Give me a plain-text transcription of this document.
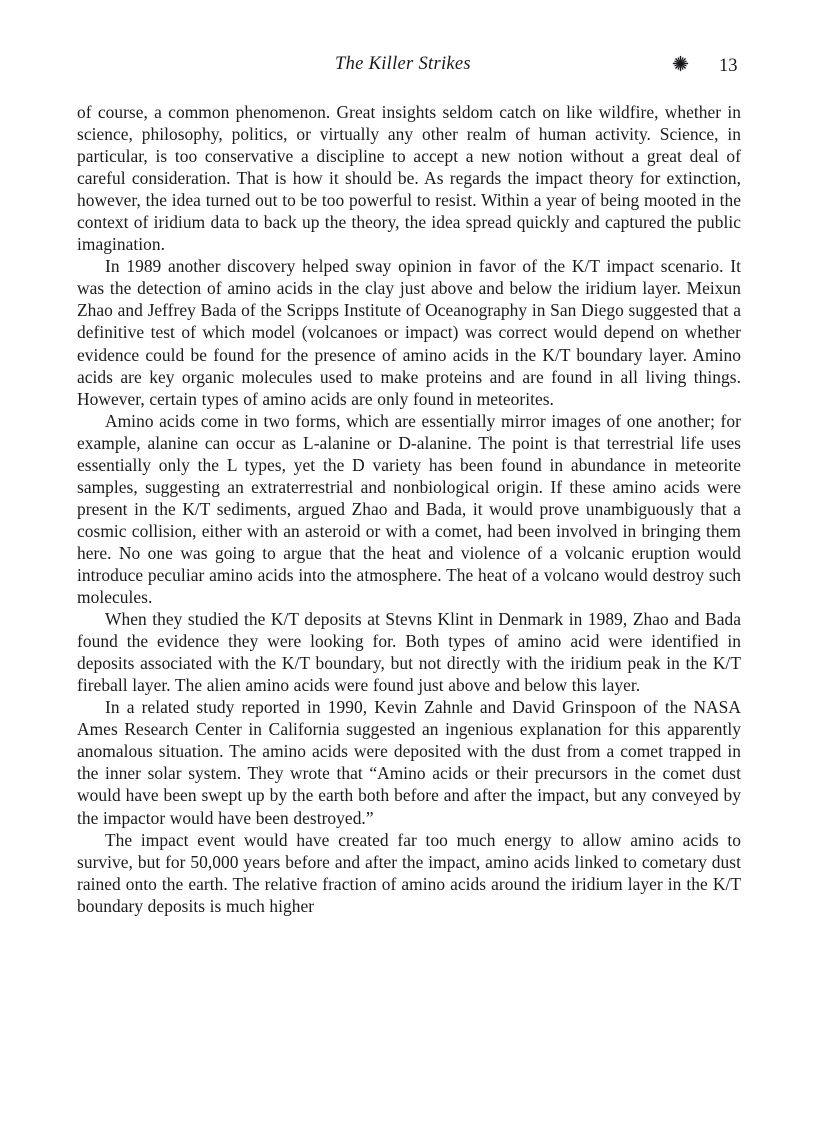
The Killer Strikes	13

of course, a common phenomenon. Great insights seldom catch on like wildfire, whether in science, philosophy, politics, or virtually any other realm of human activity. Science, in particular, is too conservative a discipline to accept a new notion without a great deal of careful consideration. That is how it should be. As regards the impact theory for extinction, however, the idea turned out to be too powerful to resist. Within a year of being mooted in the context of iridium data to back up the theory, the idea spread quickly and captured the public imagination.

In 1989 another discovery helped sway opinion in favor of the K/T impact scenario. It was the detection of amino acids in the clay just above and below the iridium layer. Meixun Zhao and Jeffrey Bada of the Scripps Institute of Oceanography in San Diego suggested that a definitive test of which model (volcanoes or impact) was correct would depend on whether evidence could be found for the presence of amino acids in the K/T boundary layer. Amino acids are key organic molecules used to make proteins and are found in all living things. However, certain types of amino acids are only found in meteorites.

Amino acids come in two forms, which are essentially mirror images of one another; for example, alanine can occur as L-alanine or D-alanine. The point is that terrestrial life uses essentially only the L types, yet the D variety has been found in abundance in meteorite samples, suggesting an extraterrestrial and nonbiological origin. If these amino acids were present in the K/T sediments, argued Zhao and Bada, it would prove unambiguously that a cosmic collision, either with an asteroid or with a comet, had been involved in bringing them here. No one was going to argue that the heat and violence of a volcanic eruption would introduce peculiar amino acids into the atmosphere. The heat of a volcano would destroy such molecules.

When they studied the K/T deposits at Stevns Klint in Denmark in 1989, Zhao and Bada found the evidence they were looking for. Both types of amino acid were identified in deposits associated with the K/T boundary, but not directly with the iridium peak in the K/T fireball layer. The alien amino acids were found just above and below this layer.

In a related study reported in 1990, Kevin Zahnle and David Grinspoon of the NASA Ames Research Center in California suggested an ingenious explanation for this apparently anomalous situation. The amino acids were deposited with the dust from a comet trapped in the inner solar system. They wrote that “Amino acids or their precursors in the comet dust would have been swept up by the earth both before and after the impact, but any conveyed by the impactor would have been destroyed.”

The impact event would have created far too much energy to allow amino acids to survive, but for 50,000 years before and after the impact, amino acids linked to cometary dust rained onto the earth. The relative fraction of amino acids around the iridium layer in the K/T boundary deposits is much higher
